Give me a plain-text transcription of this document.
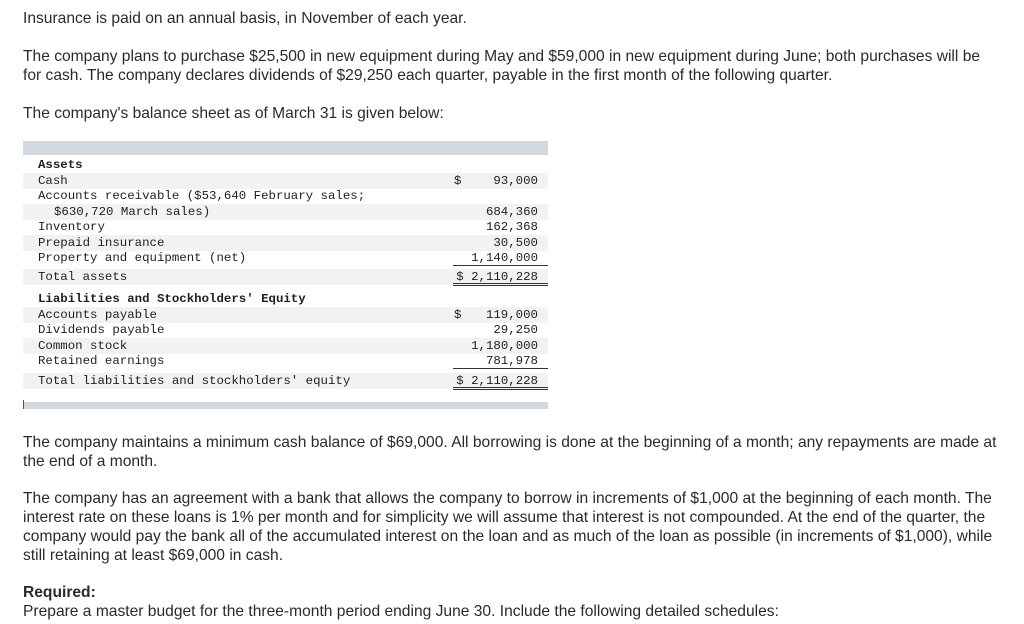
Insurance is paid on an annual basis, in November of each year.

The company plans to purchase $25,500 in new equipment during May and $59,000 in new equipment during June; both purchases will be for cash. The company declares dividends of $29,250 each quarter, payable in the first month of the following quarter.

The company's balance sheet as of March 31 is given below:

Assets
Cash	$	93,000
Accounts receivable ($53,640 February sales;
$630,720 March sales)	684,360
Inventory	162,368
Prepaid insurance	30,500
Property and equipment (net)	1,140,000
Total assets	$ 2,110,228
Liabilities and Stockholders' Equity
Accounts payable	$ 119,000
Dividends payable	29,250
Common stock	1,180,000
Retained earnings	781,978
Total liabilities and stockholders' equity	$ 2,110,228

The company maintains a minimum cash balance of $69,000. All borrowing is done at the beginning of a month; any repayments are made at the end of a month.

The company has an agreement with a bank that allows the company to borrow in increments of $1,000 at the beginning of each month. The interest rate on these loans is 1% per month and for simplicity we will assume that interest is not compounded. At the end of the quarter, the company would pay the bank all of the accumulated interest on the loan and as much of the loan as possible (in increments of $1,000), while still retaining at least $69,000 in cash.

Required:
Prepare a master budget for the three-month period ending June 30. Include the following detailed schedules:
